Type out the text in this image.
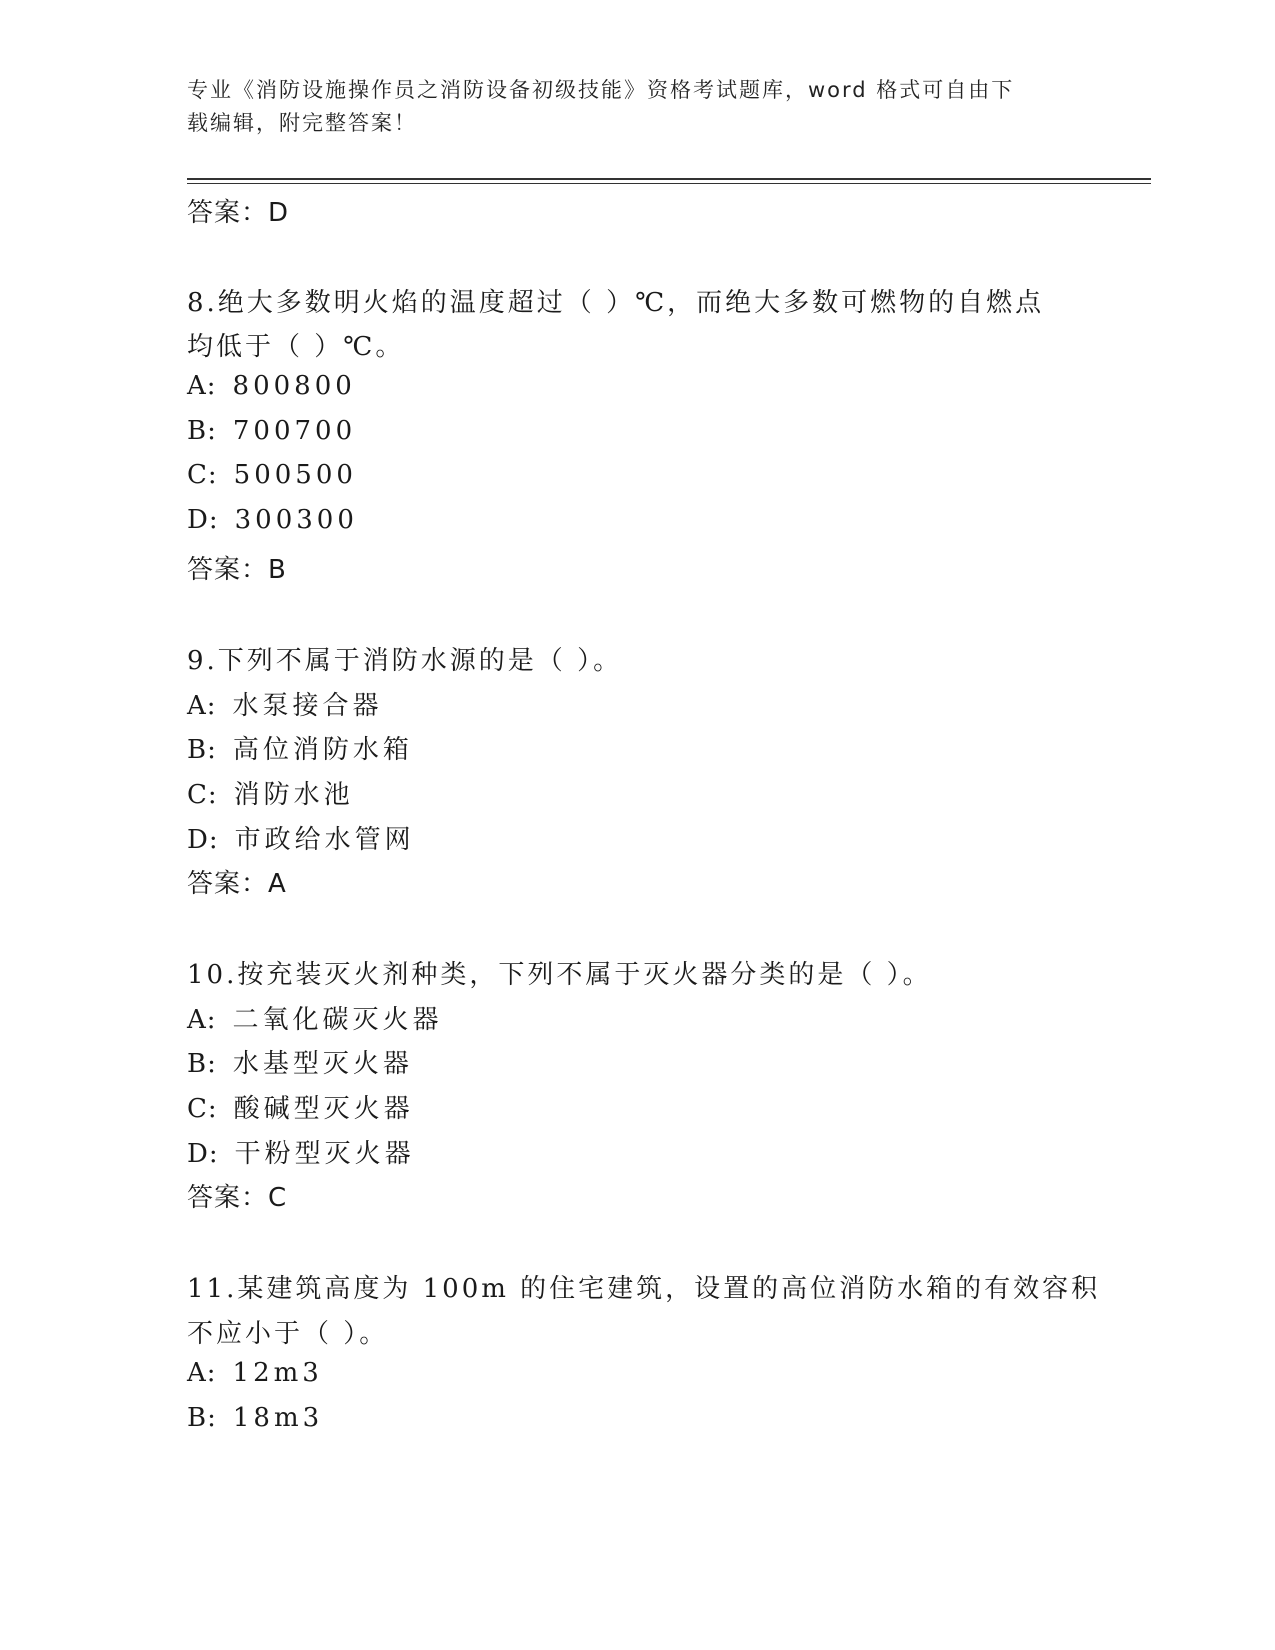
专业《消防设施操作员之消防设备初级技能》资格考试题库，word 格式可自由下
载编辑，附完整答案！
答案：D
8.绝大多数明火焰的温度超过（ ）℃，而绝大多数可燃物的自燃点
均低于（ ）℃。
A: 800800
B: 700700
C: 500500
D: 300300
答案：B
9.下列不属于消防水源的是（ ）。
A: 水泵接合器
B: 高位消防水箱
C: 消防水池
D: 市政给水管网
答案：A
10.按充装灭火剂种类，下列不属于灭火器分类的是（ ）。
A: 二氧化碳灭火器
B: 水基型灭火器
C: 酸碱型灭火器
D: 干粉型灭火器
答案：C
11.某建筑高度为 100m 的住宅建筑，设置的高位消防水箱的有效容积
不应小于（ ）。
A: 12m3
B: 18m3
